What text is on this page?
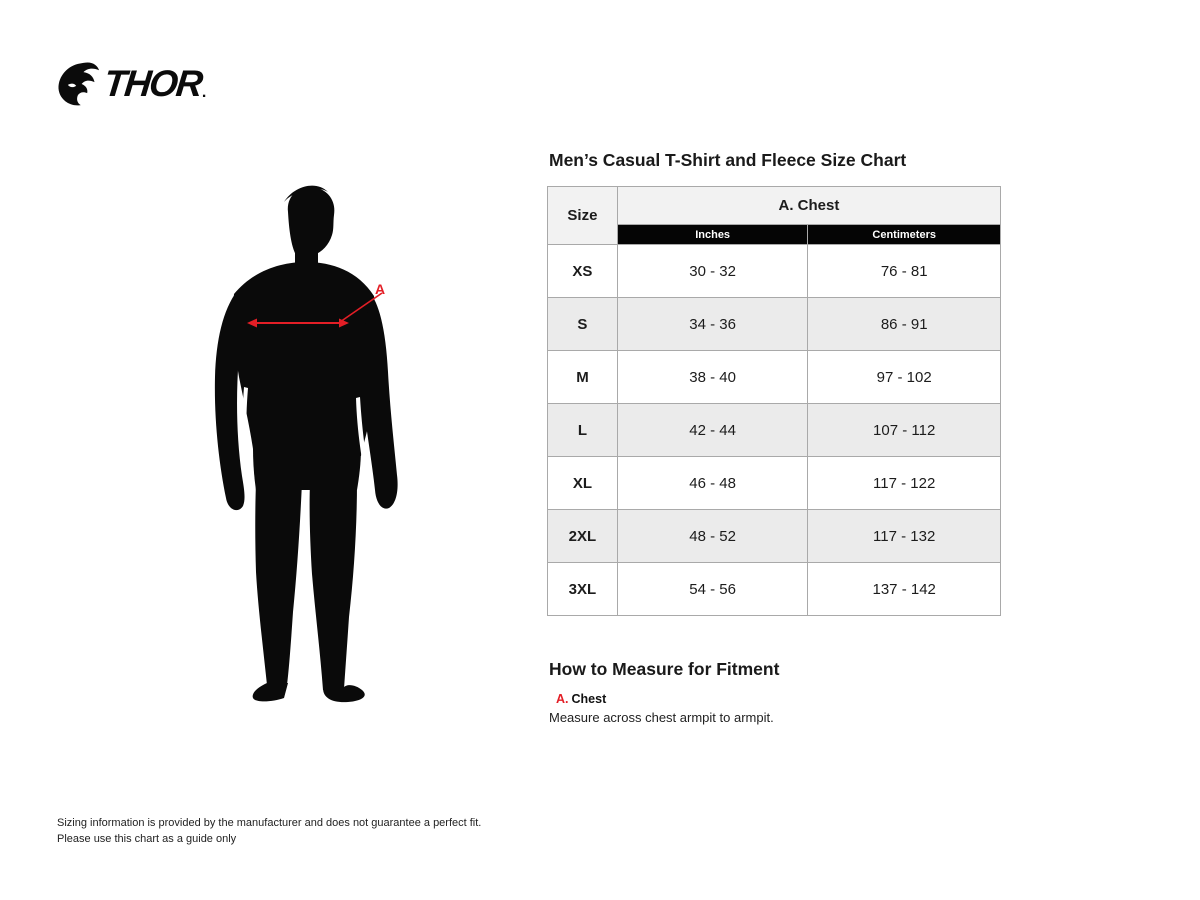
THOR
.
A
Men’s Casual T-Shirt and Fleece Size Chart
Size	A. Chest	
	Inches	Centimeters
XS	30 - 32	76 - 81
S	34 - 36	86 - 91
M	38 - 40	97 - 102
L	42 - 44	107 - 112
XL	46 - 48	117 - 122
2XL	48 - 52	117 - 132
3XL	54 - 56	137 - 142
How to Measure for Fitment
A. Chest
Measure across chest armpit to armpit.
Sizing information is provided by the manufacturer and does not guarantee a perfect fit.
Please use this chart as a guide only
